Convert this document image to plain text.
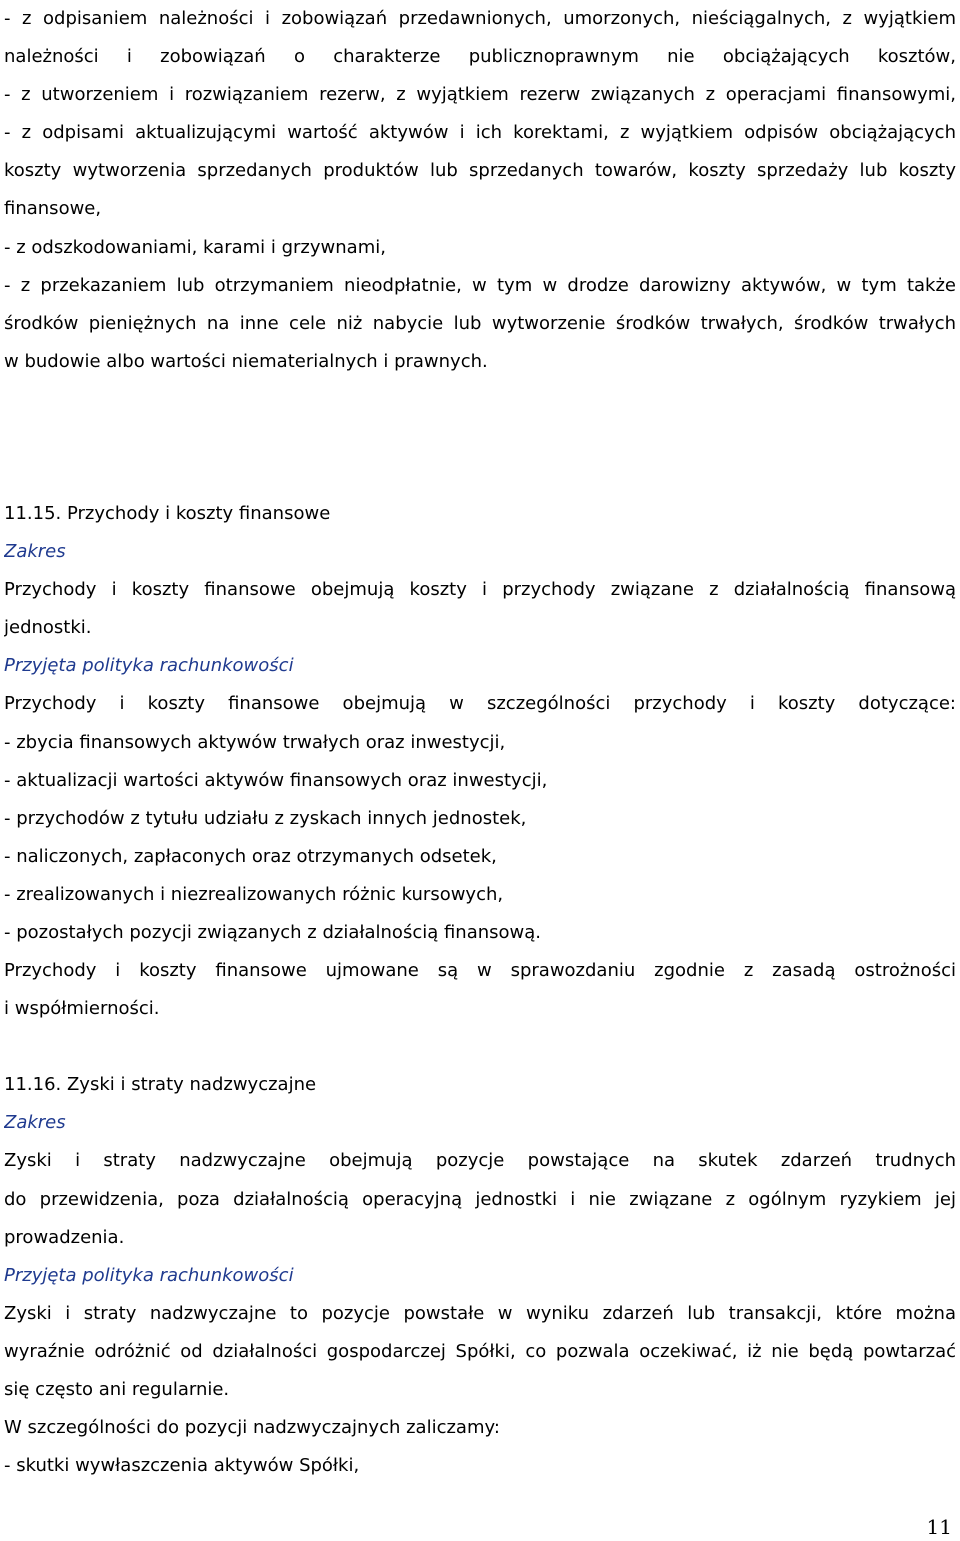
- z odpisaniem należności i zobowiązań przedawnionych, umorzonych, nieściągalnych, z wyjątkiem
należności i zobowiązań o charakterze publicznoprawnym nie obciążających kosztów,
- z utworzeniem i rozwiązaniem rezerw, z wyjątkiem rezerw związanych z operacjami finansowymi,
- z odpisami aktualizującymi wartość aktywów i ich korektami, z wyjątkiem odpisów obciążających
koszty wytworzenia sprzedanych produktów lub sprzedanych towarów, koszty sprzedaży lub koszty
finansowe,
- z odszkodowaniami, karami i grzywnami,
- z przekazaniem lub otrzymaniem nieodpłatnie, w tym w drodze darowizny aktywów, w tym także
środków pieniężnych na inne cele niż nabycie lub wytworzenie środków trwałych, środków trwałych
w budowie albo wartości niematerialnych i prawnych.
11.15. Przychody i koszty finansowe
Zakres
Przychody i koszty finansowe obejmują koszty i przychody związane z działalnością finansową
jednostki.
Przyjęta polityka rachunkowości
Przychody i koszty finansowe obejmują w szczególności przychody i koszty dotyczące:
- zbycia finansowych aktywów trwałych oraz inwestycji,
- aktualizacji wartości aktywów finansowych oraz inwestycji,
- przychodów z tytułu udziału z zyskach innych jednostek,
- naliczonych, zapłaconych oraz otrzymanych odsetek,
- zrealizowanych i niezrealizowanych różnic kursowych,
- pozostałych pozycji związanych z działalnością finansową.
Przychody i koszty finansowe ujmowane są w sprawozdaniu zgodnie z zasadą ostrożności
i współmierności.
11.16. Zyski i straty nadzwyczajne
Zakres
Zyski i straty nadzwyczajne obejmują pozycje powstające na skutek zdarzeń trudnych
do przewidzenia, poza działalnością operacyjną jednostki i nie związane z ogólnym ryzykiem jej
prowadzenia.
Przyjęta polityka rachunkowości
Zyski i straty nadzwyczajne to pozycje powstałe w wyniku zdarzeń lub transakcji, które można
wyraźnie odróżnić od działalności gospodarczej Spółki, co pozwala oczekiwać, iż nie będą powtarzać
się często ani regularnie.
W szczególności do pozycji nadzwyczajnych zaliczamy:
- skutki wywłaszczenia aktywów Spółki,
11
